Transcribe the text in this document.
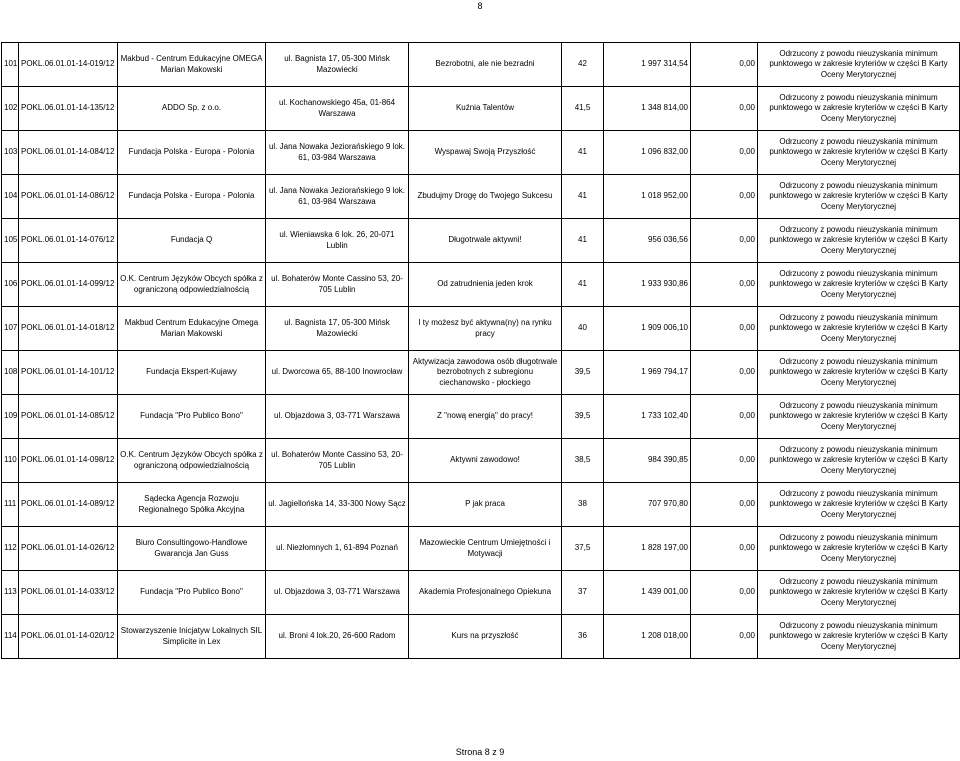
8
101	POKL.06.01.01-14-019/12	Makbud - Centrum Edukacyjne OMEGA Marian Makowski	ul. Bagnista 17, 05-300 Mińsk Mazowiecki	Bezrobotni, ale nie bezradni	42	1 997 314,54	0,00	Odrzucony z powodu nieuzyskania minimum punktowego w zakresie kryteriów w części B Karty Oceny Merytorycznej
102	POKL.06.01.01-14-135/12	ADDO Sp. z o.o.	ul. Kochanowskiego 45a, 01-864 Warszawa	Kuźnia Talentów	41,5	1 348 814,00	0,00	Odrzucony z powodu nieuzyskania minimum punktowego w zakresie kryteriów w części B Karty Oceny Merytorycznej
103	POKL.06.01.01-14-084/12	Fundacja Polska - Europa - Polonia	ul. Jana Nowaka Jeziorańskiego 9 lok. 61, 03-984 Warszawa	Wyspawaj Swoją Przyszłość	41	1 096 832,00	0,00	Odrzucony z powodu nieuzyskania minimum punktowego w zakresie kryteriów w części B Karty Oceny Merytorycznej
104	POKL.06.01.01-14-086/12	Fundacja Polska - Europa - Polonia	ul. Jana Nowaka Jeziorańskiego 9 lok. 61, 03-984 Warszawa	Zbudujmy Drogę do Twojego Sukcesu	41	1 018 952,00	0,00	Odrzucony z powodu nieuzyskania minimum punktowego w zakresie kryteriów w części B Karty Oceny Merytorycznej
105	POKL.06.01.01-14-076/12	Fundacja Q	ul. Wieniawska 6 lok. 26, 20-071 Lublin	Długotrwale aktywni!	41	956 036,56	0,00	Odrzucony z powodu nieuzyskania minimum punktowego w zakresie kryteriów w części B Karty Oceny Merytorycznej
106	POKL.06.01.01-14-099/12	O.K. Centrum Języków Obcych spółka z ograniczoną odpowiedzialnością	ul. Bohaterów Monte Cassino 53, 20-705 Lublin	Od zatrudnienia jeden krok	41	1 933 930,86	0,00	Odrzucony z powodu nieuzyskania minimum punktowego w zakresie kryteriów w części B Karty Oceny Merytorycznej
107	POKL.06.01.01-14-018/12	Makbud Centrum Edukacyjne Omega Marian Makowski	ul. Bagnista 17, 05-300 Mińsk Mazowiecki	I ty możesz być aktywna(ny) na rynku pracy	40	1 909 006,10	0,00	Odrzucony z powodu nieuzyskania minimum punktowego w zakresie kryteriów w części B Karty Oceny Merytorycznej
108	POKL.06.01.01-14-101/12	Fundacja Ekspert-Kujawy	ul. Dworcowa 65, 88-100 Inowrocław	Aktywizacja zawodowa osób długotrwale bezrobotnych z subregionu ciechanowsko - płockiego	39,5	1 969 794,17	0,00	Odrzucony z powodu nieuzyskania minimum punktowego w zakresie kryteriów w części B Karty Oceny Merytorycznej
109	POKL.06.01.01-14-085/12	Fundacja "Pro Publico Bono"	ul. Objazdowa 3, 03-771 Warszawa	Z "nową energią" do pracy!	39,5	1 733 102,40	0,00	Odrzucony z powodu nieuzyskania minimum punktowego w zakresie kryteriów w części B Karty Oceny Merytorycznej
110	POKL.06.01.01-14-098/12	O.K. Centrum Języków Obcych spółka z ograniczoną odpowiedzialnością	ul. Bohaterów Monte Cassino 53, 20-705 Lublin	Aktywni zawodowo!	38,5	984 390,85	0,00	Odrzucony z powodu nieuzyskania minimum punktowego w zakresie kryteriów w części B Karty Oceny Merytorycznej
111	POKL.06.01.01-14-089/12	Sądecka Agencja Rozwoju Regionalnego Spółka Akcyjna	ul. Jagiellońska 14, 33-300 Nowy Sącz	P jak praca	38	707 970,80	0,00	Odrzucony z powodu nieuzyskania minimum punktowego w zakresie kryteriów w części B Karty Oceny Merytorycznej
112	POKL.06.01.01-14-026/12	Biuro Consultingowo-Handlowe Gwarancja Jan Guss	ul. Niezłomnych 1, 61-894 Poznań	Mazowieckie Centrum Umiejętności i Motywacji	37,5	1 828 197,00	0,00	Odrzucony z powodu nieuzyskania minimum punktowego w zakresie kryteriów w części B Karty Oceny Merytorycznej
113	POKL.06.01.01-14-033/12	Fundacja "Pro Publico Bono"	ul. Objazdowa 3, 03-771 Warszawa	Akademia Profesjonalnego Opiekuna	37	1 439 001,00	0,00	Odrzucony z powodu nieuzyskania minimum punktowego w zakresie kryteriów w części B Karty Oceny Merytorycznej
114	POKL.06.01.01-14-020/12	Stowarzyszenie Inicjatyw Lokalnych SIL Simplicite in Lex	ul. Broni 4 lok.20, 26-600 Radom	Kurs na przyszłość	36	1 208 018,00	0,00	Odrzucony z powodu nieuzyskania minimum punktowego w zakresie kryteriów w części B Karty Oceny Merytorycznej
Strona 8 z 9
